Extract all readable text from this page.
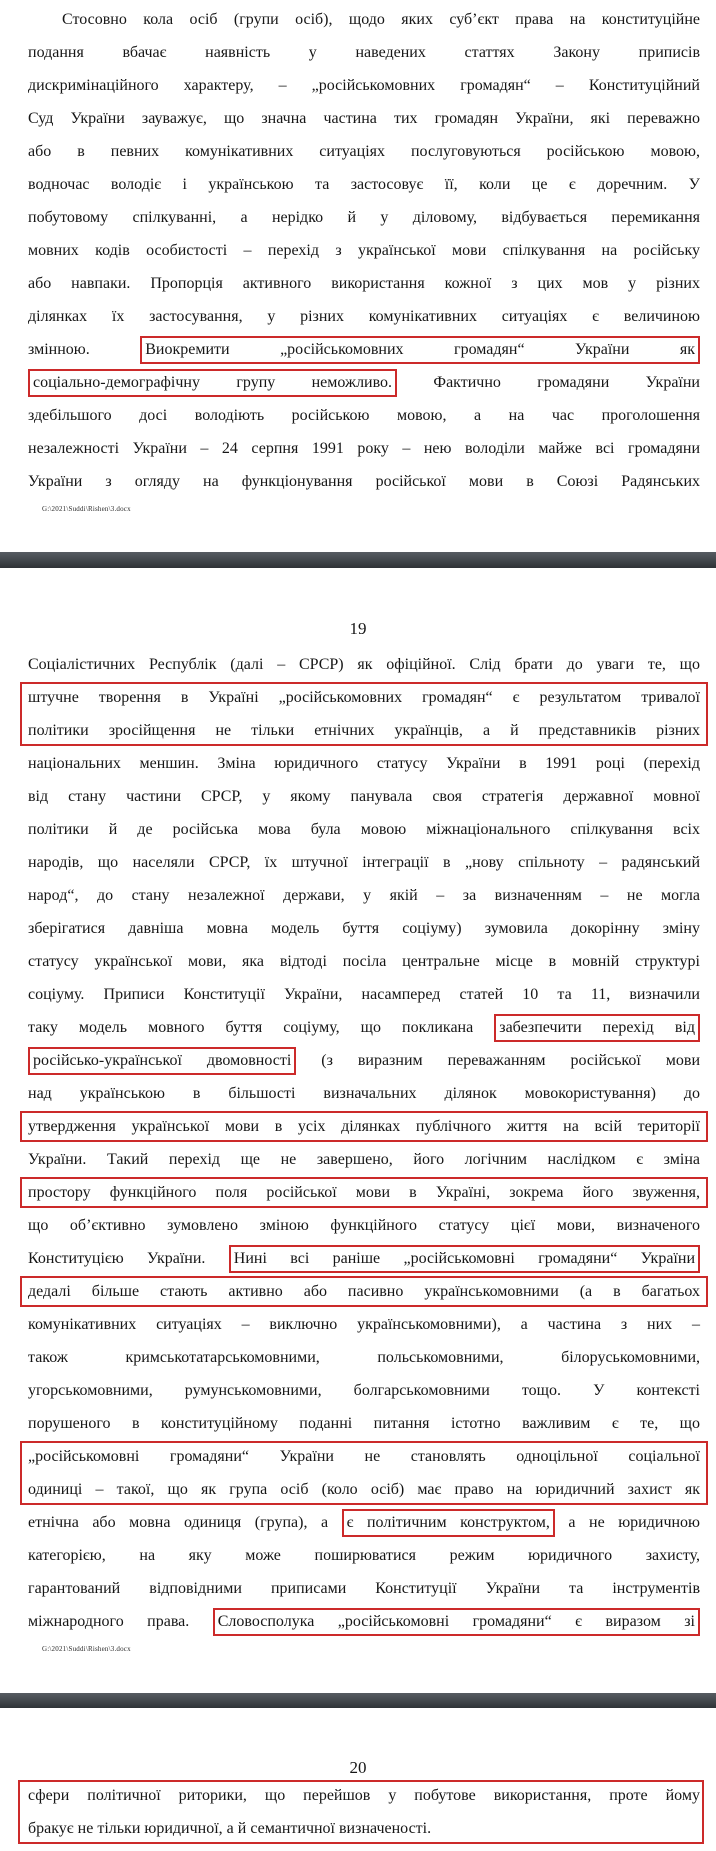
Стосовно кола осіб (групи осіб), щодо яких суб’єкт права на конституційне
подання вбачає наявність у наведених статтях Закону приписів
дискримінаційного характеру, – „російськомовних громадян“ – Конституційний
Суд України зауважує, що значна частина тих громадян України, які переважно
або в певних комунікативних ситуаціях послуговуються російською мовою,
водночас володіє і українською та застосовує її, коли це є доречним. У
побутовому спілкуванні, а нерідко й у діловому, відбувається перемикання
мовних кодів особистості – перехід з української мови спілкування на російську
або навпаки. Пропорція активного використання кожної з цих мов у різних
ділянках їх застосування, у різних комунікативних ситуаціях є величиною
змінною. Виокремити „російськомовних громадян“ України як
соціально-демографічну групу неможливо. Фактично громадяни України
здебільшого досі володіють російською мовою, а на час проголошення
незалежності України – 24 серпня 1991 року – нею володіли майже всі громадяни
України з огляду на функціонування російської мови в Союзі Радянських
G:\2021\Suddi\Rishen\3.docx
19
Соціалістичних Республік (далі – СРСР) як офіційної. Слід брати до уваги те, що
штучне творення в Україні „російськомовних громадян“ є результатом тривалої
політики зросійщення не тільки етнічних українців, а й представників різних
національних меншин. Зміна юридичного статусу України в 1991 році (перехід
від стану частини СРСР, у якому панувала своя стратегія державної мовної
політики й де російська мова була мовою міжнаціонального спілкування всіх
народів, що населяли СРСР, їх штучної інтеграції в „нову спільноту – радянський
народ“, до стану незалежної держави, у якій – за визначенням – не могла
зберігатися давніша мовна модель буття соціуму) зумовила докорінну зміну
статусу української мови, яка відтоді посіла центральне місце в мовній структурі
соціуму. Приписи Конституції України, насамперед статей 10 та 11, визначили
таку модель мовного буття соціуму, що покликана забезпечити перехід від
російсько-української двомовності (з виразним переважанням російської мови
над українською в більшості визначальних ділянок мовокористування) до
утвердження української мови в усіх ділянках публічного життя на всій території
України. Такий перехід ще не завершено, його логічним наслідком є зміна
простору функційного поля російської мови в Україні, зокрема його звуження,
що об’єктивно зумовлено зміною функційного статусу цієї мови, визначеного
Конституцією України. Нині всі раніше „російськомовні громадяни“ України
дедалі більше стають активно або пасивно українськомовними (а в багатьох
комунікативних ситуаціях – виключно українськомовними), а частина з них –
також кримськотатарськомовними, польськомовними, білоруськомовними,
угорськомовними, румунськомовними, болгарськомовними тощо. У контексті
порушеного в конституційному поданні питання істотно важливим є те, що
„російськомовні громадяни“ України не становлять одноцільної соціальної
одиниці – такої, що як група осіб (коло осіб) має право на юридичний захист як
етнічна або мовна одиниця (група), а є політичним конструктом, а не юридичною
категорією, на яку може поширюватися режим юридичного захисту,
гарантований відповідними приписами Конституції України та інструментів
міжнародного права. Словосполука „російськомовні громадяни“ є виразом зі
G:\2021\Suddi\Rishen\3.docx
20
сфери політичної риторики, що перейшов у побутове використання, проте йому
бракує не тільки юридичної, а й семантичної визначеності.
